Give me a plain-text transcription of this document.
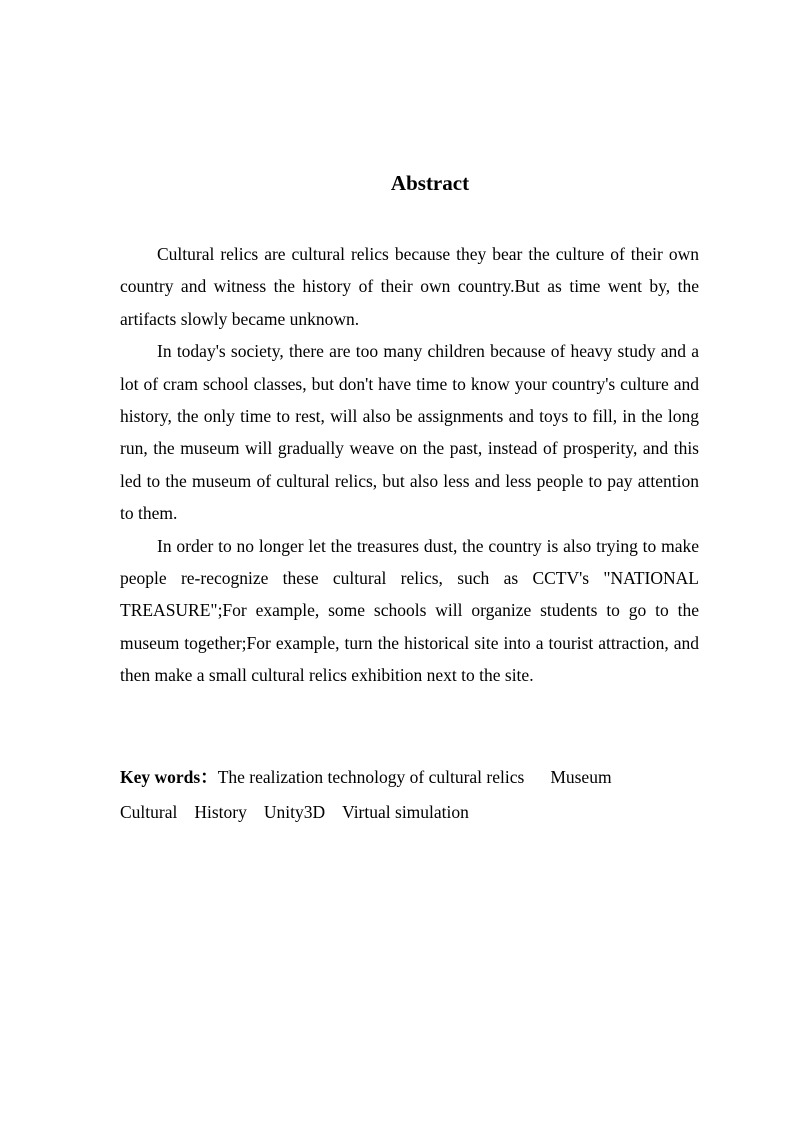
Abstract

Cultural relics are cultural relics because they bear the culture of their own country and witness the history of their own country.But as time went by, the artifacts slowly became unknown.

In today's society, there are too many children because of heavy study and a lot of cram school classes, but don't have time to know your country's culture and history, the only time to rest, will also be assignments and toys to fill, in the long run, the museum will gradually weave on the past, instead of prosperity, and this led to the museum of cultural relics, but also less and less people to pay attention to them.

In order to no longer let the treasures dust, the country is also trying to make people re-recognize these cultural relics, such as CCTV's "NATIONAL TREASURE";For example, some schools will organize students to go to the museum together;For example, turn the historical site into a tourist attraction, and then make a small cultural relics exhibition next to the site.

Key words：The realization technology of cultural relics Museum
Cultural History Unity3D Virtual simulation
